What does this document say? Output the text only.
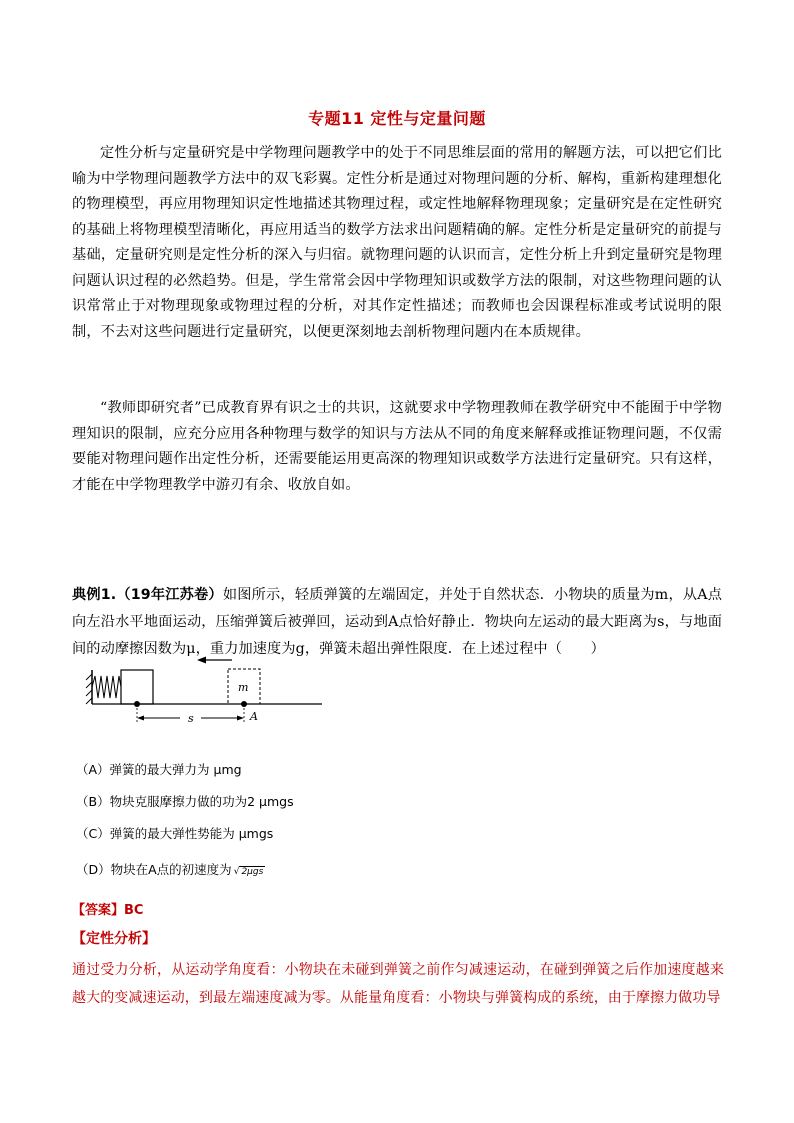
专题11 定性与定量问题
定性分析与定量研究是中学物理问题教学中的处于不同思维层面的常用的解题方法，可以把它们比喻为中学物理问题教学方法中的双飞彩翼。定性分析是通过对物理问题的分析、解构，重新构建理想化的物理模型，再应用物理知识定性地描述其物理过程，或定性地解释物理现象；定量研究是在定性研究的基础上将物理模型清晰化，再应用适当的数学方法求出问题精确的解。定性分析是定量研究的前提与基础，定量研究则是定性分析的深入与归宿。就物理问题的认识而言，定性分析上升到定量研究是物理问题认识过程的必然趋势。但是，学生常常会因中学物理知识或数学方法的限制，对这些物理问题的认识常常止于对物理现象或物理过程的分析，对其作定性描述；而教师也会因课程标准或考试说明的限制，不去对这些问题进行定量研究，以便更深刻地去剖析物理问题内在本质规律。
“教师即研究者”已成教育界有识之士的共识，这就要求中学物理教师在教学研究中不能囿于中学物理知识的限制，应充分应用各种物理与数学的知识与方法从不同的角度来解释或推证物理问题，不仅需要能对物理问题作出定性分析，还需要能运用更高深的物理知识或数学方法进行定量研究。只有这样，才能在中学物理教学中游刃有余、收放自如。
典例1.（19年江苏卷）如图所示，轻质弹簧的左端固定，并处于自然状态．小物块的质量为m，从A点向左沿水平地面运动，压缩弹簧后被弹回，运动到A点恰好静止．物块向左运动的最大距离为s，与地面间的动摩擦因数为μ，重力加速度为g，弹簧未超出弹性限度．在上述过程中（　　）
m
s	A
（A）弹簧的最大弹力为 μmg
（B）物块克服摩擦力做的功为2 μmgs
（C）弹簧的最大弹性势能为 μmgs
（D）物块在A点的初速度为 √ 2μgs
【答案】BC
【定性分析】
通过受力分析，从运动学角度看：小物块在未碰到弹簧之前作匀减速运动，在碰到弹簧之后作加速度越来越大的变减速运动，到最左端速度减为零。从能量角度看：小物块与弹簧构成的系统，由于摩擦力做功导
